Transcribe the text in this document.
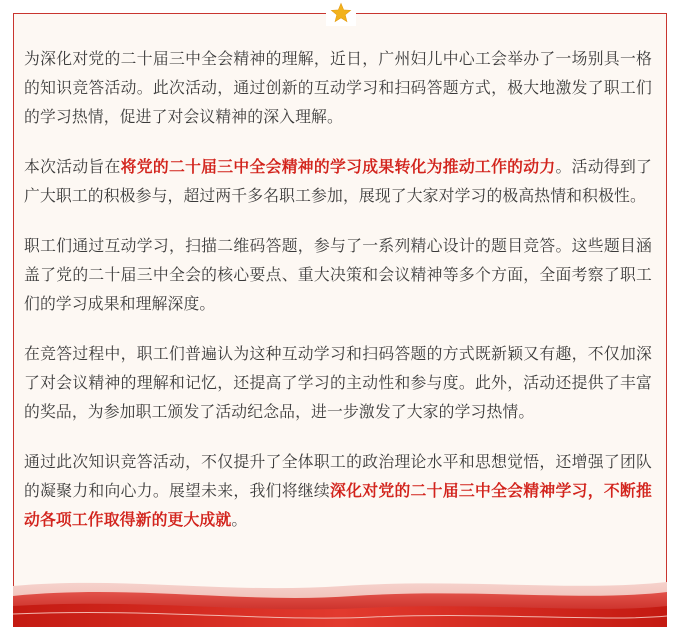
为深化对党的二十届三中全会精神的理解，近日，广州妇儿中心工会举办了一场别具一格的知识竞答活动。此次活动，通过创新的互动学习和扫码答题方式，极大地激发了职工们的学习热情，促进了对会议精神的深入理解。

本次活动旨在将党的二十届三中全会精神的学习成果转化为推动工作的动力。活动得到了广大职工的积极参与，超过两千多名职工参加，展现了大家对学习的极高热情和积极性。

职工们通过互动学习，扫描二维码答题，参与了一系列精心设计的题目竞答。这些题目涵盖了党的二十届三中全会的核心要点、重大决策和会议精神等多个方面，全面考察了职工们的学习成果和理解深度。

在竞答过程中，职工们普遍认为这种互动学习和扫码答题的方式既新颖又有趣，不仅加深了对会议精神的理解和记忆，还提高了学习的主动性和参与度。此外，活动还提供了丰富的奖品，为参加职工颁发了活动纪念品，进一步激发了大家的学习热情。

通过此次知识竞答活动，不仅提升了全体职工的政治理论水平和思想觉悟，还增强了团队的凝聚力和向心力。展望未来，我们将继续深化对党的二十届三中全会精神学习，不断推动各项工作取得新的更大成就。
